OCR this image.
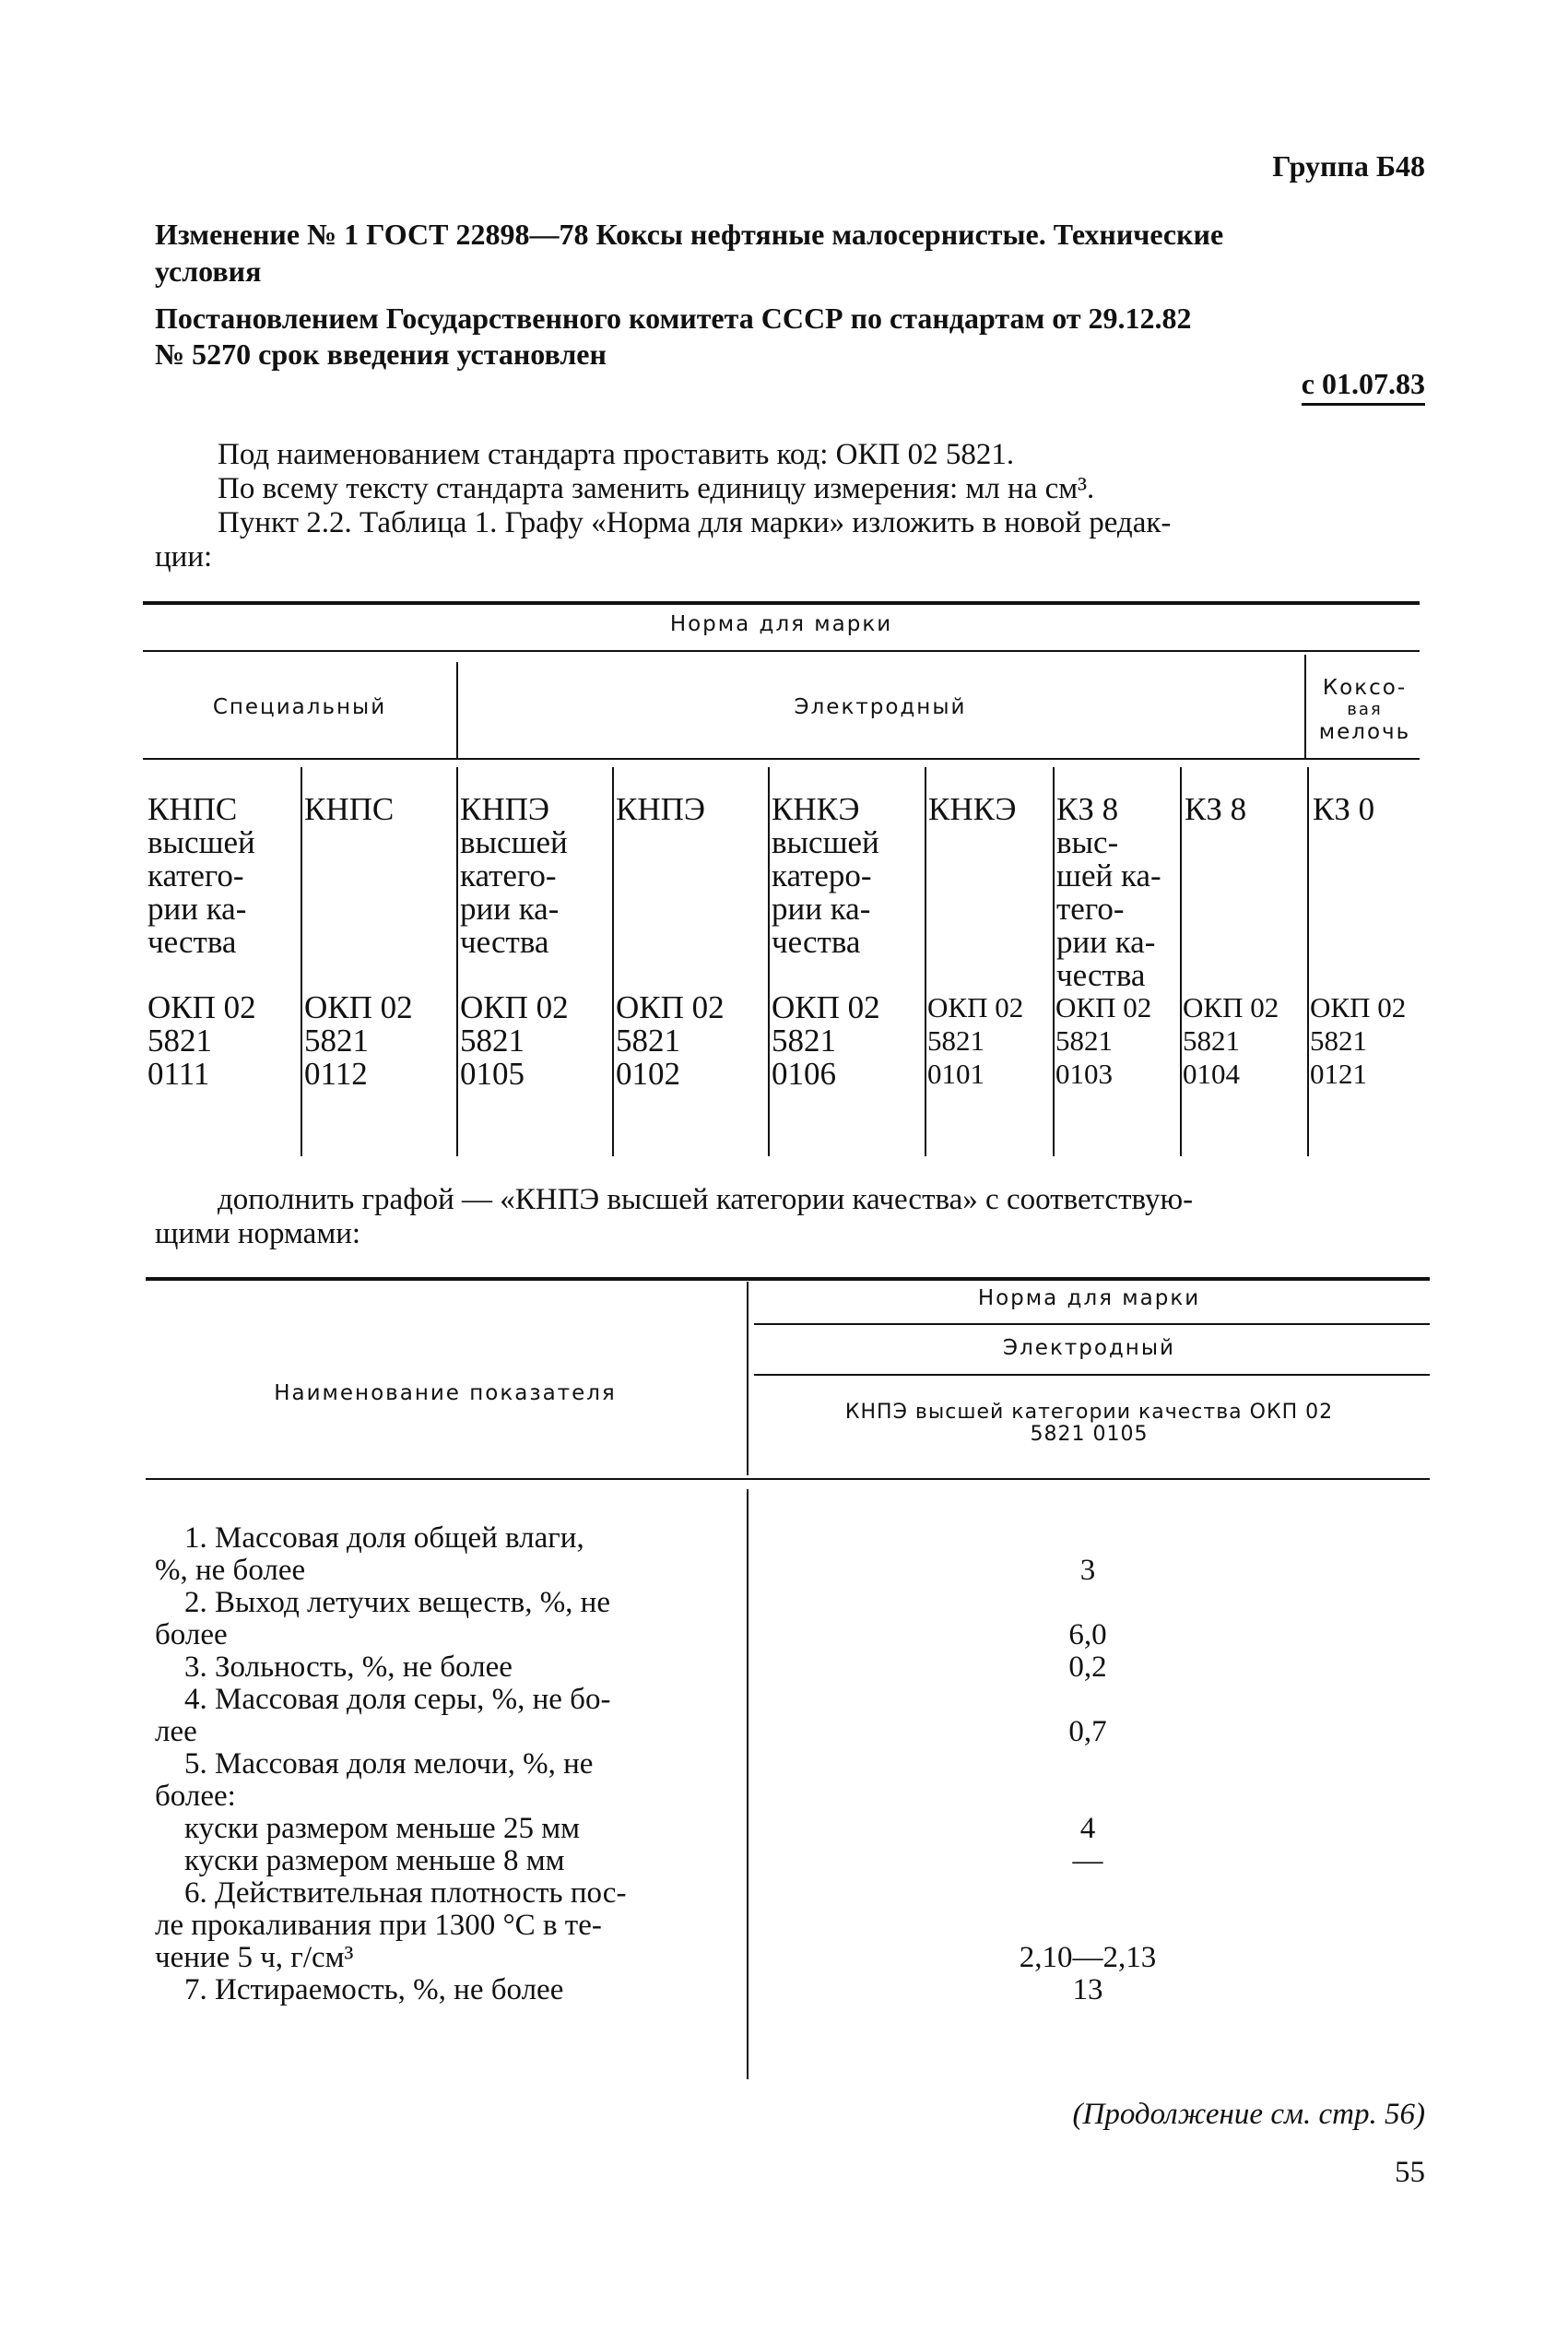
Группа Б48
Изменение № 1 ГОСТ 22898—78 Коксы нефтяные малосернистые. Технические
условия
Постановлением Государственного комитета СССР по стандартам от 29.12.82
№ 5270 срок введения установлен
с 01.07.83
Под наименованием стандарта проставить код: ОКП 02 5821.
По всему тексту стандарта заменить единицу измерения: мл на см³.
Пункт 2.2. Таблица 1. Графу «Норма для марки» изложить в новой редак-
ции:
Норма для марки
Специальный	Электродный
Коксо-
вая
мелочь
КНПС
высшей
катего-
рии ка-
чества
ОКП 02
5821
0111
КНПС
ОКП 02
5821
0112
КНПЭ
высшей
катего-
рии ка-
чества
ОКП 02
5821
0105
КНПЭ
ОКП 02
5821
0102
КНКЭ
высшей
катеро-
рии ка-
чества
ОКП 02
5821
0106
КНКЭ
ОКП 02
5821
0101
КЗ 8
выс-
шей ка-
тего-
рии ка-
чества
ОКП 02
5821
0103
КЗ 8
ОКП 02
5821
0104
КЗ 0
ОКП 02
5821
0121
дополнить графой — «КНПЭ высшей категории качества» с соответствую-
щими нормами:
Наименование показателя
Норма для марки
Электродный
КНПЭ высшей категории качества ОКП 02
5821 0105
1. Массовая доля общей влаги,
%, не более
2. Выход летучих веществ, %, не
более
3. Зольность, %, не более
4. Массовая доля серы, %, не бо-
лее
5. Массовая доля мелочи, %, не
более:
куски размером меньше 25 мм
куски размером меньше 8 мм
6. Действительная плотность пос-
ле прокаливания при 1300 °C в те-
чение 5 ч, г/см³
7. Истираемость, %, не более
3
6,0
0,2
0,7
4
—
2,10—2,13
13
(Продолжение см. стр. 56)
55
